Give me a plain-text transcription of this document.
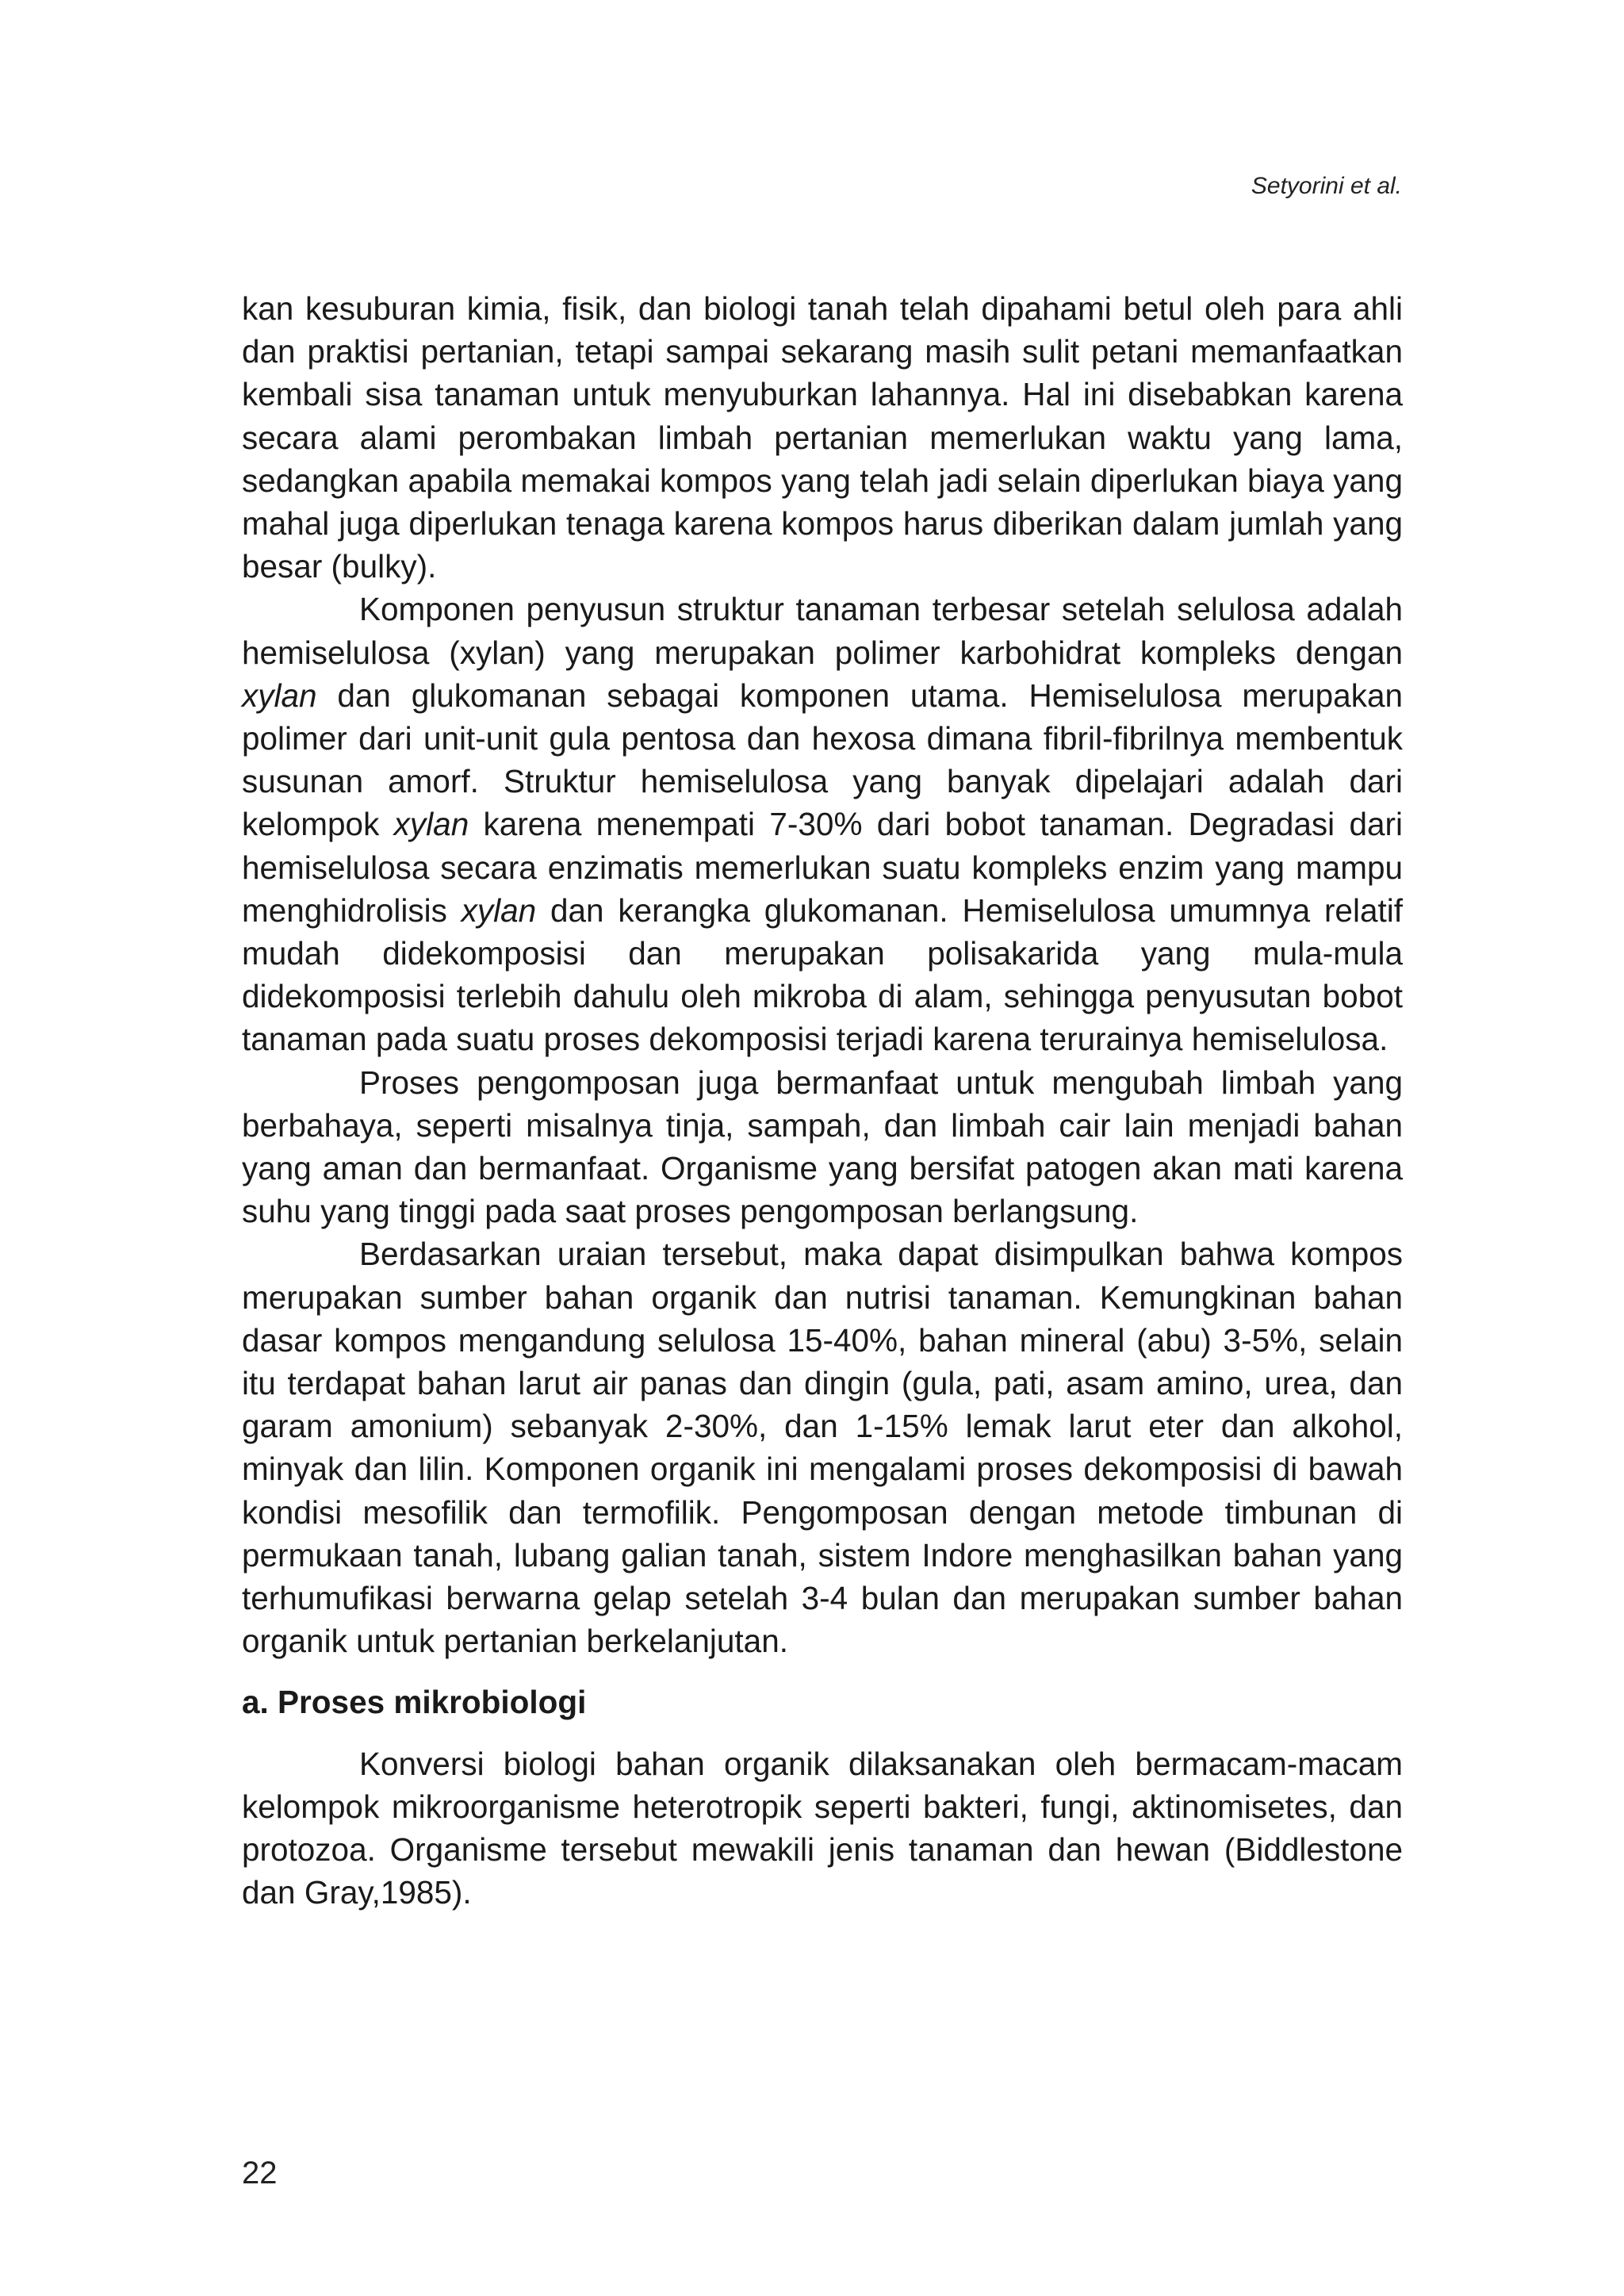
Setyorini et al.

kan kesuburan kimia, fisik, dan biologi tanah telah dipahami betul oleh para ahli dan praktisi pertanian, tetapi sampai sekarang masih sulit petani memanfaatkan kembali sisa tanaman untuk menyuburkan lahannya. Hal ini disebabkan karena secara alami perombakan limbah pertanian memerlukan waktu yang lama, sedangkan apabila memakai kompos yang telah jadi selain diperlukan biaya yang mahal juga diperlukan tenaga karena kompos harus diberikan dalam jumlah yang besar (bulky).

Komponen penyusun struktur tanaman terbesar setelah selulosa adalah hemiselulosa (xylan) yang merupakan polimer karbohidrat kompleks dengan xylan dan glukomanan sebagai komponen utama. Hemiselulosa merupakan polimer dari unit-unit gula pentosa dan hexosa dimana fibril-fibrilnya membentuk susunan amorf. Struktur hemiselulosa yang banyak dipelajari adalah dari kelompok xylan karena menempati 7-30% dari bobot tanaman. Degradasi dari hemiselulosa secara enzimatis memerlukan suatu kompleks enzim yang mampu menghidrolisis xylan dan kerangka glukomanan. Hemiselulosa umumnya relatif mudah didekomposisi dan merupakan polisakarida yang mula-mula didekomposisi terlebih dahulu oleh mikroba di alam, sehingga penyusutan bobot tanaman pada suatu proses dekomposisi terjadi karena terurainya hemiselulosa.

Proses pengomposan juga bermanfaat untuk mengubah limbah yang berbahaya, seperti misalnya tinja, sampah, dan limbah cair lain menjadi bahan yang aman dan bermanfaat. Organisme yang bersifat patogen akan mati karena suhu yang tinggi pada saat proses pengomposan berlangsung.

Berdasarkan uraian tersebut, maka dapat disimpulkan bahwa kompos merupakan sumber bahan organik dan nutrisi tanaman. Kemungkinan bahan dasar kompos mengandung selulosa 15-40%, bahan mineral (abu) 3-5%, selain itu terdapat bahan larut air panas dan dingin (gula, pati, asam amino, urea, dan garam amonium) sebanyak 2-30%, dan 1-15% lemak larut eter dan alkohol, minyak dan lilin. Komponen organik ini mengalami proses dekomposisi di bawah kondisi mesofilik dan termofilik. Pengomposan dengan metode timbunan di permukaan tanah, lubang galian tanah, sistem Indore menghasilkan bahan yang terhumufikasi berwarna gelap setelah 3-4 bulan dan merupakan sumber bahan organik untuk pertanian berkelanjutan.

a. Proses mikrobiologi

Konversi biologi bahan organik dilaksanakan oleh bermacam-macam kelompok mikroorganisme heterotropik seperti bakteri, fungi, aktinomisetes, dan protozoa. Organisme tersebut mewakili jenis tanaman dan hewan (Biddlestone dan Gray,1985).

22
